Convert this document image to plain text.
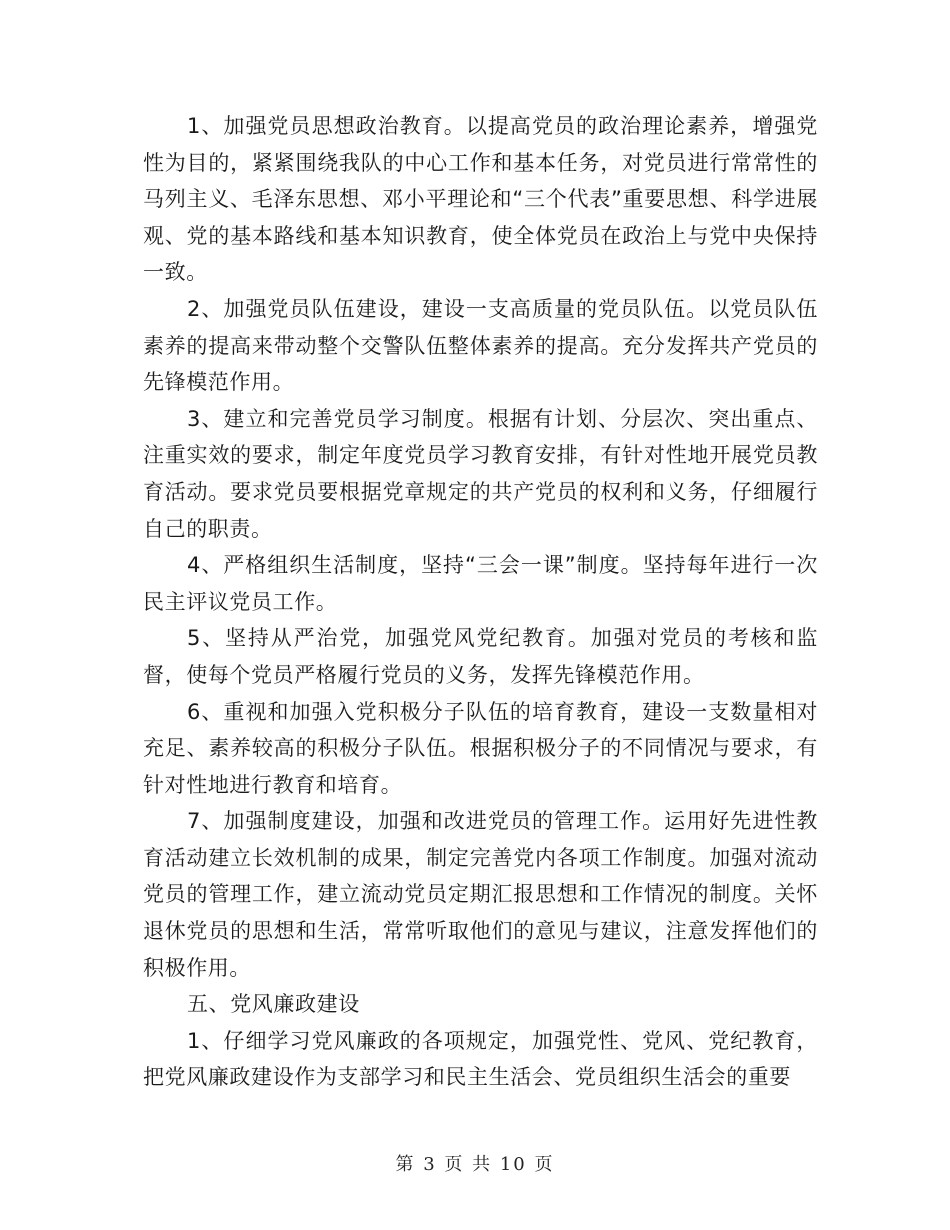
1、加强党员思想政治教育。以提高党员的政治理论素养，增强党性为目的，紧紧围绕我队的中心工作和基本任务，对党员进行常常性的马列主义、毛泽东思想、邓小平理论和“三个代表”重要思想、科学进展观、党的基本路线和基本知识教育，使全体党员在政治上与党中央保持一致。

2、加强党员队伍建设，建设一支高质量的党员队伍。以党员队伍素养的提高来带动整个交警队伍整体素养的提高。充分发挥共产党员的先锋模范作用。

3、建立和完善党员学习制度。根据有计划、分层次、突出重点、注重实效的要求，制定年度党员学习教育安排，有针对性地开展党员教育活动。要求党员要根据党章规定的共产党员的权利和义务，仔细履行自己的职责。

4、严格组织生活制度，坚持“三会一课”制度。坚持每年进行一次民主评议党员工作。

5、坚持从严治党，加强党风党纪教育。加强对党员的考核和监督，使每个党员严格履行党员的义务，发挥先锋模范作用。

6、重视和加强入党积极分子队伍的培育教育，建设一支数量相对充足、素养较高的积极分子队伍。根据积极分子的不同情况与要求，有针对性地进行教育和培育。

7、加强制度建设，加强和改进党员的管理工作。运用好先进性教育活动建立长效机制的成果，制定完善党内各项工作制度。加强对流动党员的管理工作，建立流动党员定期汇报思想和工作情况的制度。关怀退休党员的思想和生活，常常听取他们的意见与建议，注意发挥他们的积极作用。

五、党风廉政建设

1、仔细学习党风廉政的各项规定，加强党性、党风、党纪教育，把党风廉政建设作为支部学习和民主生活会、党员组织生活会的重要

第 3 页 共 10 页
